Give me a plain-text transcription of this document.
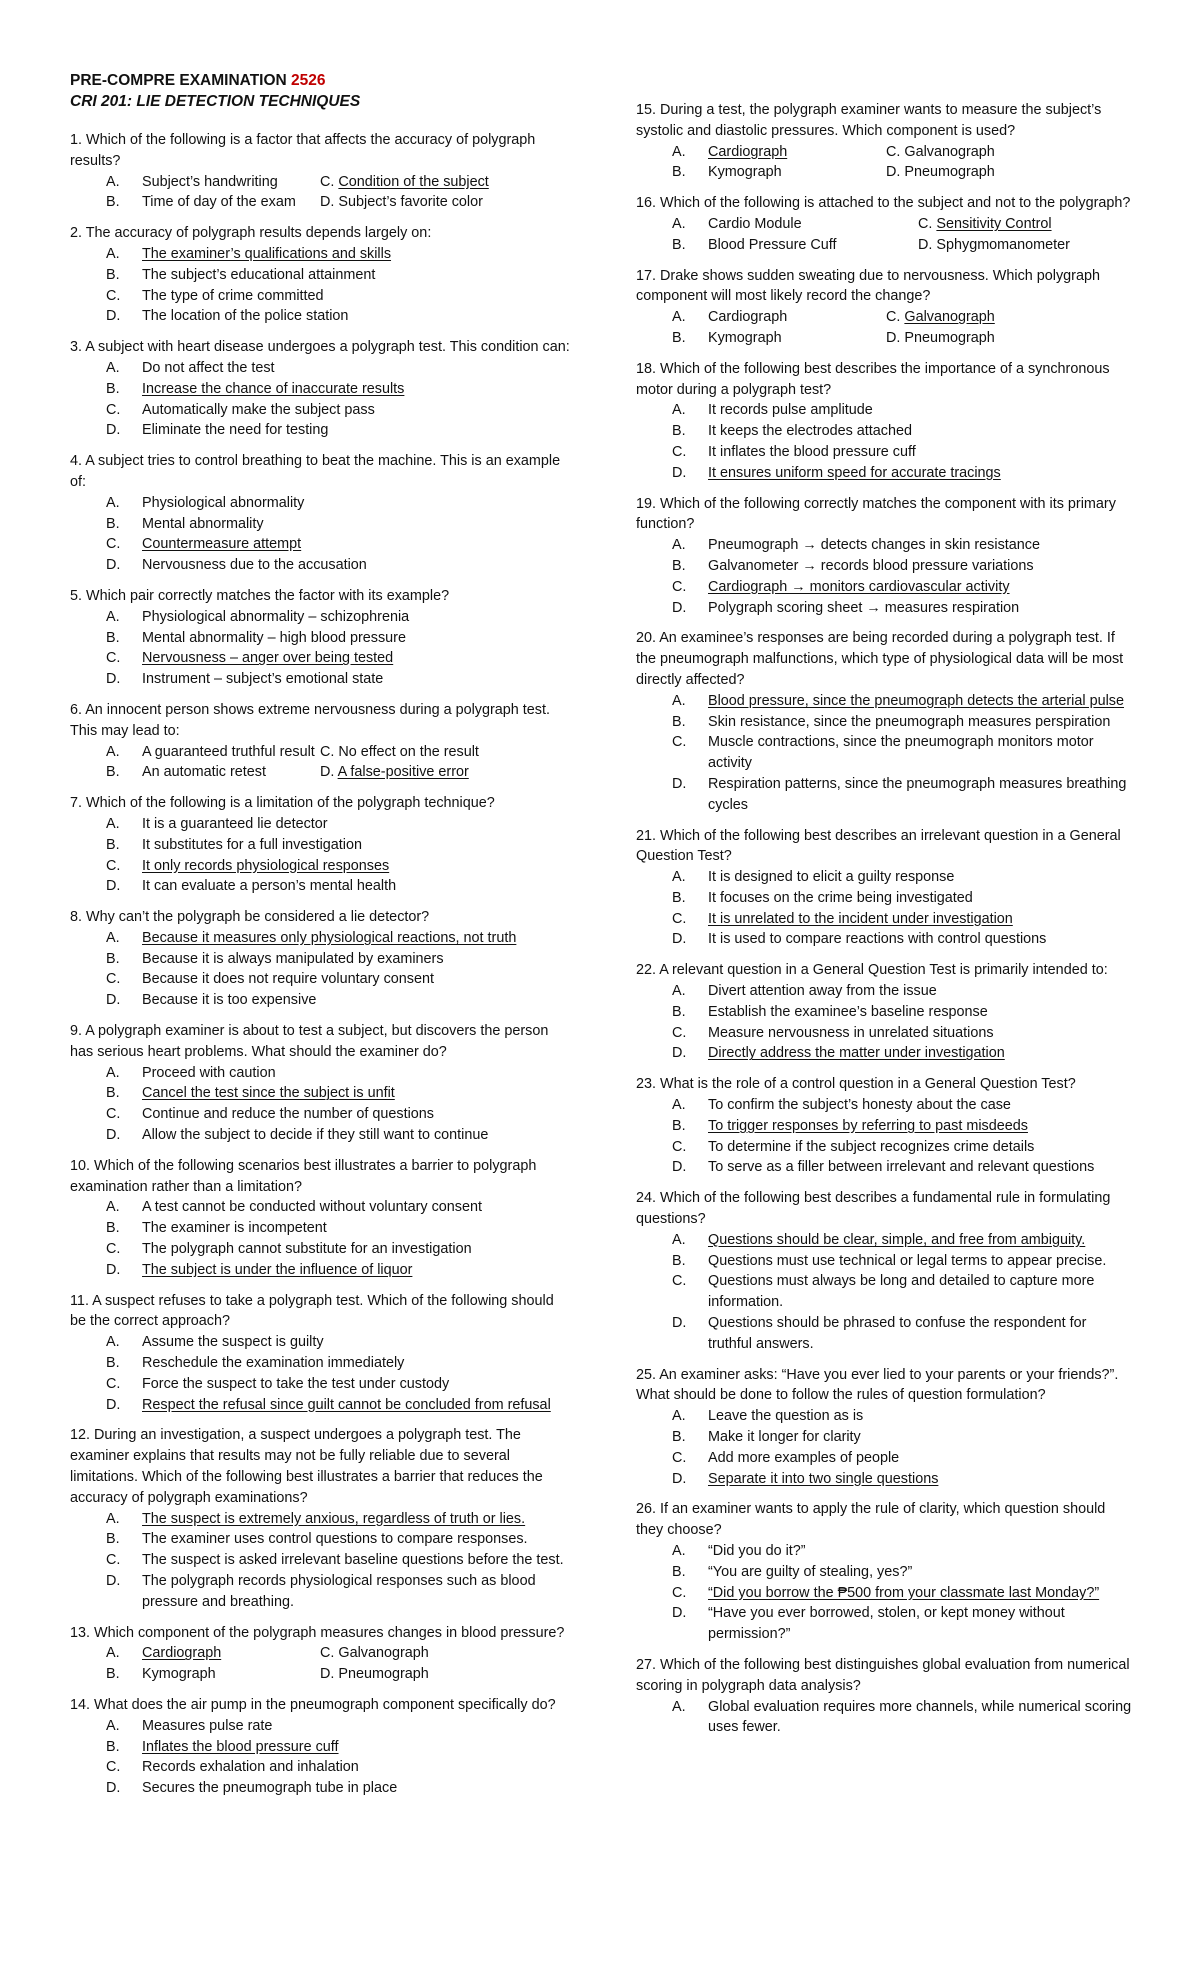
PRE-COMPRE EXAMINATION 2526
CRI 201: LIE DETECTION TECHNIQUES

1. Which of the following is a factor that affects the accuracy of polygraph results?

A.	Subject’s handwriting	C. Condition of the subject
B.	Time of day of the exam D. Subject’s favorite color

2. The accuracy of polygraph results depends largely on:

A.	The examiner’s qualifications and skills
B.	The subject’s educational attainment
C.	The type of crime committed
D.	The location of the police station

3. A subject with heart disease undergoes a polygraph test. This condition can:

A.	Do not affect the test
B.	Increase the chance of inaccurate results
C.	Automatically make the subject pass
D.	Eliminate the need for testing

4. A subject tries to control breathing to beat the machine. This is an example of:

A.	Physiological abnormality
B.	Mental abnormality
C.	Countermeasure attempt
D.	Nervousness due to the accusation

5. Which pair correctly matches the factor with its example?

A.	Physiological abnormality – schizophrenia
B.	Mental abnormality – high blood pressure
C.	Nervousness – anger over being tested
D.	Instrument – subject’s emotional state

6. An innocent person shows extreme nervousness during a polygraph test. This may lead to:

A.	A guaranteed truthful result C. No effect on the result
B.	An automatic retest	D. A false-positive error

7. Which of the following is a limitation of the polygraph technique?

A.	It is a guaranteed lie detector
B.	It substitutes for a full investigation
C.	It only records physiological responses
D.	It can evaluate a person’s mental health

8. Why can’t the polygraph be considered a lie detector?

A.	Because it measures only physiological reactions, not truth
B.	Because it is always manipulated by examiners
C.	Because it does not require voluntary consent
D.	Because it is too expensive

9. A polygraph examiner is about to test a subject, but discovers the person has serious heart problems. What should the examiner do?

A.	Proceed with caution
B.	Cancel the test since the subject is unfit
C.	Continue and reduce the number of questions
D.	Allow the subject to decide if they still want to continue

10. Which of the following scenarios best illustrates a barrier to polygraph examination rather than a limitation?

A.	A test cannot be conducted without voluntary consent
B.	The examiner is incompetent
C.	The polygraph cannot substitute for an investigation
D.	The subject is under the influence of liquor

11. A suspect refuses to take a polygraph test. Which of the following should be the correct approach?

A.	Assume the suspect is guilty
B.	Reschedule the examination immediately
C.	Force the suspect to take the test under custody
D.	Respect the refusal since guilt cannot be concluded from refusal

12. During an investigation, a suspect undergoes a polygraph test. The examiner explains that results may not be fully reliable due to several limitations. Which of the following best illustrates a barrier that reduces the accuracy of polygraph examinations?

A.	The suspect is extremely anxious, regardless of truth or lies.
B.	The examiner uses control questions to compare responses.
C.	The suspect is asked irrelevant baseline questions before the test.
D.	The polygraph records physiological responses such as blood pressure and breathing.

13. Which component of the polygraph measures changes in blood pressure?

A.	Cardiograph	C. Galvanograph
B.	Kymograph	D. Pneumograph

14. What does the air pump in the pneumograph component specifically do?

A.	Measures pulse rate
B.	Inflates the blood pressure cuff
C.	Records exhalation and inhalation
D.	Secures the pneumograph tube in place

15. During a test, the polygraph examiner wants to measure the subject’s systolic and diastolic pressures. Which component is used?

A.	Cardiograph	C. Galvanograph
B.	Kymograph	D. Pneumograph

16. Which of the following is attached to the subject and not to the polygraph?

A.	Cardio Module	C. Sensitivity Control
B.	Blood Pressure Cuff	D. Sphygmomanometer

17. Drake shows sudden sweating due to nervousness. Which polygraph component will most likely record the change?

A.	Cardiograph	C. Galvanograph
B.	Kymograph	D. Pneumograph

18. Which of the following best describes the importance of a synchronous motor during a polygraph test?

A.	It records pulse amplitude
B.	It keeps the electrodes attached
C.	It inflates the blood pressure cuff
D.	It ensures uniform speed for accurate tracings

19. Which of the following correctly matches the component with its primary function?

A.	Pneumograph → detects changes in skin resistance
B.	Galvanometer → records blood pressure variations
C.	Cardiograph → monitors cardiovascular activity
D.	Polygraph scoring sheet → measures respiration

20. An examinee’s responses are being recorded during a polygraph test. If the pneumograph malfunctions, which type of physiological data will be most directly affected?

A.	Blood pressure, since the pneumograph detects the arterial pulse
B.	Skin resistance, since the pneumograph measures perspiration
C.	Muscle contractions, since the pneumograph monitors motor activity
D.	Respiration patterns, since the pneumograph measures breathing cycles

21. Which of the following best describes an irrelevant question in a General Question Test?

A.	It is designed to elicit a guilty response
B.	It focuses on the crime being investigated
C.	It is unrelated to the incident under investigation
D.	It is used to compare reactions with control questions

22. A relevant question in a General Question Test is primarily intended to:

A.	Divert attention away from the issue
B.	Establish the examinee’s baseline response
C.	Measure nervousness in unrelated situations
D.	Directly address the matter under investigation

23. What is the role of a control question in a General Question Test?

A.	To confirm the subject’s honesty about the case
B.	To trigger responses by referring to past misdeeds
C.	To determine if the subject recognizes crime details
D.	To serve as a filler between irrelevant and relevant questions

24. Which of the following best describes a fundamental rule in formulating questions?

A.	Questions should be clear, simple, and free from ambiguity.
B.	Questions must use technical or legal terms to appear precise.
C.	Questions must always be long and detailed to capture more information.
D.	Questions should be phrased to confuse the respondent for truthful answers.

25. An examiner asks: “Have you ever lied to your parents or your friends?”. What should be done to follow the rules of question formulation?

A.	Leave the question as is
B.	Make it longer for clarity
C.	Add more examples of people
D.	Separate it into two single questions

26. If an examiner wants to apply the rule of clarity, which question should they choose?

A.	“Did you do it?”
B.	“You are guilty of stealing, yes?”
C.	“Did you borrow the ₱500 from your classmate last Monday?”
D.	“Have you ever borrowed, stolen, or kept money without permission?”

27. Which of the following best distinguishes global evaluation from numerical scoring in polygraph data analysis?

A.	Global evaluation requires more channels, while numerical scoring uses fewer.
